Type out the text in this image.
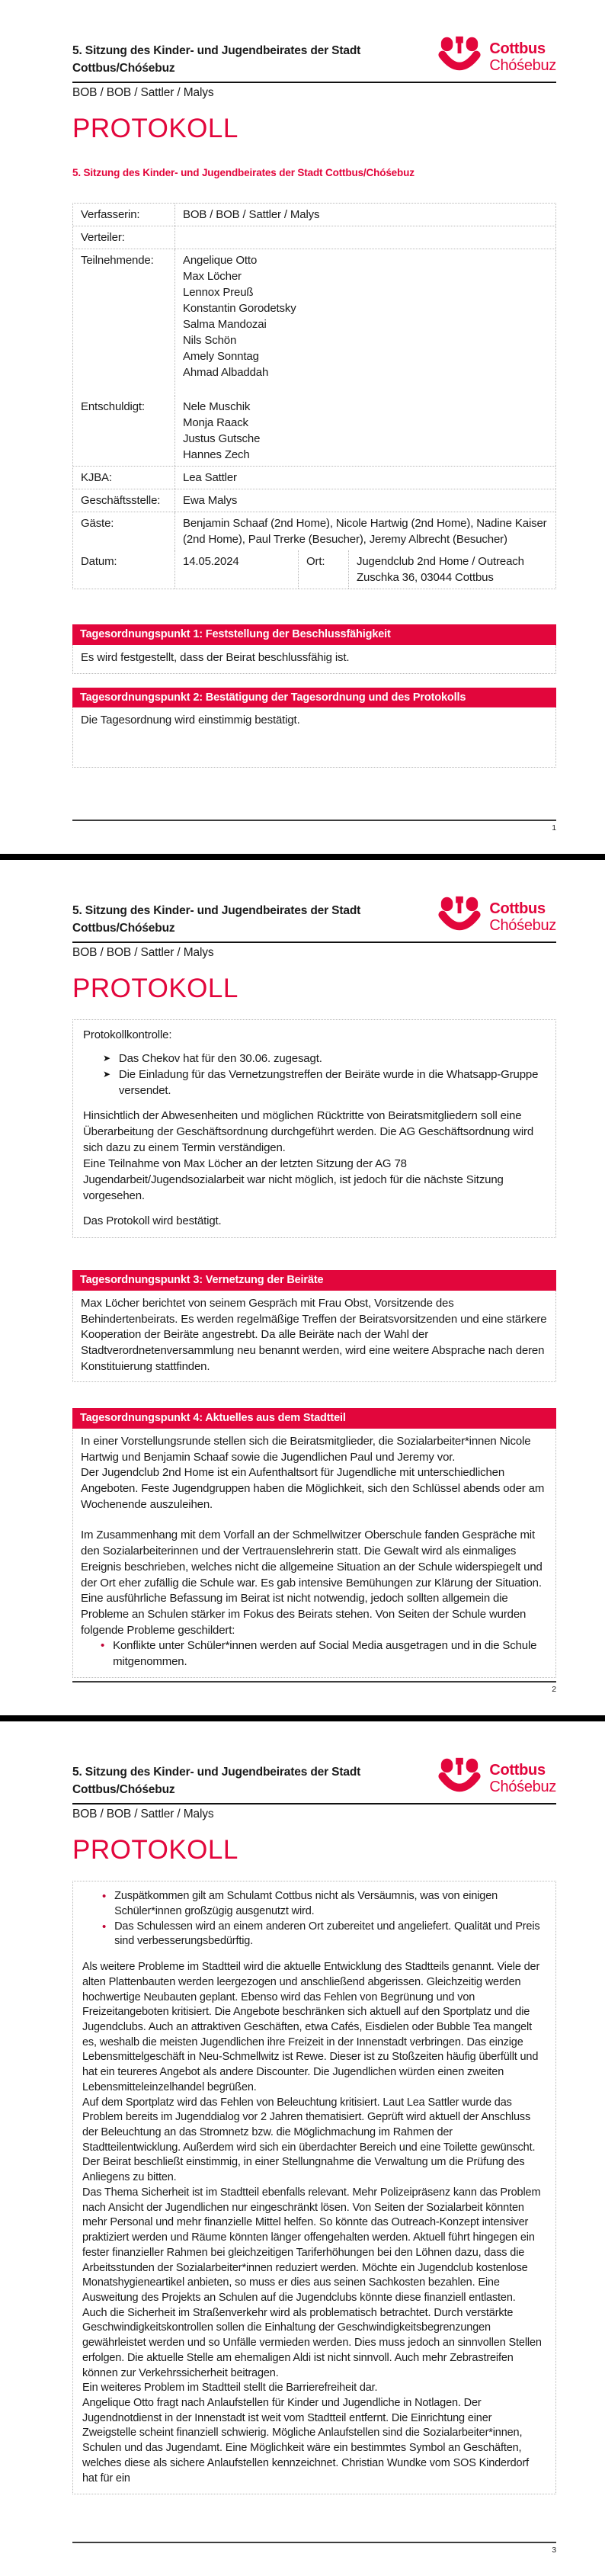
5. Sitzung des Kinder- und Jugendbeirates der Stadt
Cottbus/Chóśebuz
Cottbus
Chóśebuz
BOB / BOB / Sattler / Malys
PROTOKOLL
5. Sitzung des Kinder- und Jugendbeirates der Stadt Cottbus/Chóśebuz
Verfasserin:	BOB / BOB / Sattler / Malys
Verteiler:
Teilnehmende:	Angelique Otto
Max Löcher
Lennox Preuß
Konstantin Gorodetsky
Salma Mandozai
Nils Schön
Amely Sonntag
Ahmad Albaddah
Entschuldigt:	Nele Muschik
Monja Raack
Justus Gutsche
Hannes Zech
KJBA:	Lea Sattler
Geschäftsstelle:	Ewa Malys
Gäste:	Benjamin Schaaf (2nd Home), Nicole Hartwig (2nd Home), Nadine Kaiser (2nd Home), Paul Trerke (Besucher), Jeremy Albrecht (Besucher)
Datum:	14.05.2024	Ort:	Jugendclub 2nd Home / Outreach
Zuschka 36, 03044 Cottbus
Tagesordnungspunkt 1: Feststellung der Beschlussfähigkeit

Es wird festgestellt, dass der Beirat beschlussfähig ist.

Tagesordnungspunkt 2: Bestätigung der Tagesordnung und des Protokolls

Die Tagesordnung wird einstimmig bestätigt.

1
5. Sitzung des Kinder- und Jugendbeirates der Stadt
Cottbus/Chóśebuz
Cottbus
Chóśebuz
BOB / BOB / Sattler / Malys
PROTOKOLL
Protokollkontrolle:
➤ Das Chekov hat für den 30.06. zugesagt.
➤ Die Einladung für das Vernetzungstreffen der Beiräte wurde in die Whatsapp-Gruppe versendet.

Hinsichtlich der Abwesenheiten und möglichen Rücktritte von Beiratsmitgliedern soll eine Überarbeitung der Geschäftsordnung durchgeführt werden. Die AG Geschäftsordnung wird sich dazu zu einem Termin verständigen.

Eine Teilnahme von Max Löcher an der letzten Sitzung der AG 78 Jugendarbeit/Jugendsozialarbeit war nicht möglich, ist jedoch für die nächste Sitzung vorgesehen.

Das Protokoll wird bestätigt.

Tagesordnungspunkt 3: Vernetzung der Beiräte

Max Löcher berichtet von seinem Gespräch mit Frau Obst, Vorsitzende des Behindertenbeirats. Es werden regelmäßige Treffen der Beiratsvorsitzenden und eine stärkere Kooperation der Beiräte angestrebt. Da alle Beiräte nach der Wahl der Stadtverordnetenversammlung neu benannt werden, wird eine weitere Absprache nach deren Konstituierung stattfinden.

Tagesordnungspunkt 4: Aktuelles aus dem Stadtteil

In einer Vorstellungsrunde stellen sich die Beiratsmitglieder, die Sozialarbeiter*innen Nicole Hartwig und Benjamin Schaaf sowie die Jugendlichen Paul und Jeremy vor.

Der Jugendclub 2nd Home ist ein Aufenthaltsort für Jugendliche mit unterschiedlichen Angeboten. Feste Jugendgruppen haben die Möglichkeit, sich den Schlüssel abends oder am Wochenende auszuleihen.

Im Zusammenhang mit dem Vorfall an der Schmellwitzer Oberschule fanden Gespräche mit den Sozialarbeiterinnen und der Vertrauenslehrerin statt. Die Gewalt wird als einmaliges Ereignis beschrieben, welches nicht die allgemeine Situation an der Schule widerspiegelt und der Ort eher zufällig die Schule war. Es gab intensive Bemühungen zur Klärung der Situation. Eine ausführliche Befassung im Beirat ist nicht notwendig, jedoch sollten allgemein die Probleme an Schulen stärker im Fokus des Beirats stehen. Von Seiten der Schule wurden folgende Probleme geschildert:

• Konflikte unter Schüler*innen werden auf Social Media ausgetragen und in die Schule mitgenommen.
2
5. Sitzung des Kinder- und Jugendbeirates der Stadt
Cottbus/Chóśebuz
Cottbus
Chóśebuz
BOB / BOB / Sattler / Malys
PROTOKOLL
• Zuspätkommen gilt am Schulamt Cottbus nicht als Versäumnis, was von einigen Schüler*innen großzügig ausgenutzt wird.
• Das Schulessen wird an einem anderen Ort zubereitet und angeliefert. Qualität und Preis sind verbesserungsbedürftig.
Als weitere Probleme im Stadtteil wird die aktuelle Entwicklung des Stadtteils genannt. Viele der alten Plattenbauten werden leergezogen und anschließend abgerissen. Gleichzeitig werden hochwertige Neubauten geplant. Ebenso wird das Fehlen von Begrünung und von Freizeitangeboten kritisiert. Die Angebote beschränken sich aktuell auf den Sportplatz und die Jugendclubs. Auch an attraktiven Geschäften, etwa Cafés, Eisdielen oder Bubble Tea mangelt es, weshalb die meisten Jugendlichen ihre Freizeit in der Innenstadt verbringen. Das einzige Lebensmittelgeschäft in Neu-Schmellwitz ist Rewe. Dieser ist zu Stoßzeiten häufig überfüllt und hat ein teureres Angebot als andere Discounter. Die Jugendlichen würden einen zweiten Lebensmitteleinzelhandel begrüßen.
Auf dem Sportplatz wird das Fehlen von Beleuchtung kritisiert. Laut Lea Sattler wurde das Problem bereits im Jugenddialog vor 2 Jahren thematisiert. Geprüft wird aktuell der Anschluss der Beleuchtung an das Stromnetz bzw. die Möglichmachung im Rahmen der Stadtteilentwicklung. Außerdem wird sich ein überdachter Bereich und eine Toilette gewünscht. Der Beirat beschließt einstimmig, in einer Stellungnahme die Verwaltung um die Prüfung des Anliegens zu bitten.
Das Thema Sicherheit ist im Stadtteil ebenfalls relevant. Mehr Polizeipräsenz kann das Problem nach Ansicht der Jugendlichen nur eingeschränkt lösen. Von Seiten der Sozialarbeit könnten mehr Personal und mehr finanzielle Mittel helfen. So könnte das Outreach-Konzept intensiver praktiziert werden und Räume könnten länger offengehalten werden. Aktuell führt hingegen ein fester finanzieller Rahmen bei gleichzeitigen Tariferhöhungen bei den Löhnen dazu, dass die Arbeitsstunden der Sozialarbeiter*innen reduziert werden. Möchte ein Jugendclub kostenlose Monatshygieneartikel anbieten, so muss er dies aus seinen Sachkosten bezahlen. Eine Ausweitung des Projekts an Schulen auf die Jugendclubs könnte diese finanziell entlasten.
Auch die Sicherheit im Straßenverkehr wird als problematisch betrachtet. Durch verstärkte Geschwindigkeitskontrollen sollen die Einhaltung der Geschwindigkeitsbegrenzungen gewährleistet werden und so Unfälle vermieden werden. Dies muss jedoch an sinnvollen Stellen erfolgen. Die aktuelle Stelle am ehemaligen Aldi ist nicht sinnvoll. Auch mehr Zebrastreifen können zur Verkehrssicherheit beitragen.
Ein weiteres Problem im Stadtteil stellt die Barrierefreiheit dar.
Angelique Otto fragt nach Anlaufstellen für Kinder und Jugendliche in Notlagen. Der Jugendnotdienst in der Innenstadt ist weit vom Stadtteil entfernt. Die Einrichtung einer Zweigstelle scheint finanziell schwierig. Mögliche Anlaufstellen sind die Sozialarbeiter*innen, Schulen und das Jugendamt. Eine Möglichkeit wäre ein bestimmtes Symbol an Geschäften, welches diese als sichere Anlaufstellen kennzeichnet. Christian Wundke vom SOS Kinderdorf hat für ein
3
